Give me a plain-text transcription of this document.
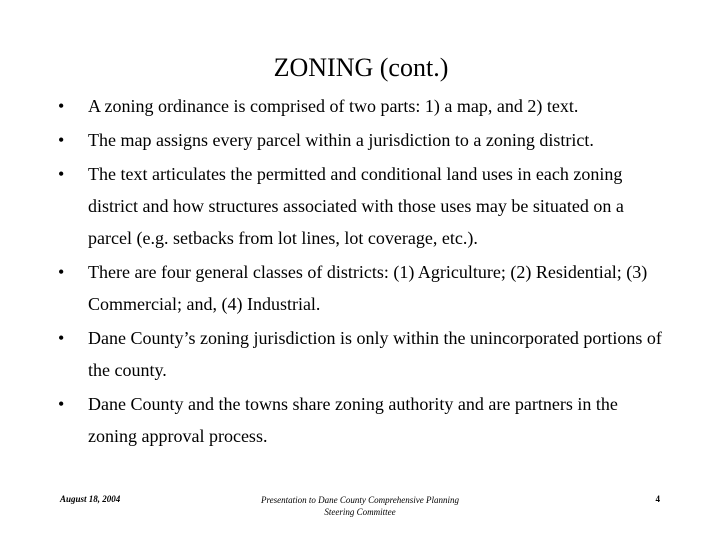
ZONING (cont.)
• A zoning ordinance is comprised of two parts: 1) a map, and 2) text.
• The map assigns every parcel within a jurisdiction to a zoning district.
• The text articulates the permitted and conditional land uses in each zoning district and how structures associated with those uses may be situated on a parcel (e.g. setbacks from lot lines, lot coverage, etc.).
• There are four general classes of districts: (1) Agriculture; (2) Residential; (3) Commercial; and, (4) Industrial.
• Dane County’s zoning jurisdiction is only within the unincorporated portions of the county.
• Dane County and the towns share zoning authority and are partners in the zoning approval process.
August 18, 2004	Presentation to Dane County Comprehensive Planning
Steering Committee
4
